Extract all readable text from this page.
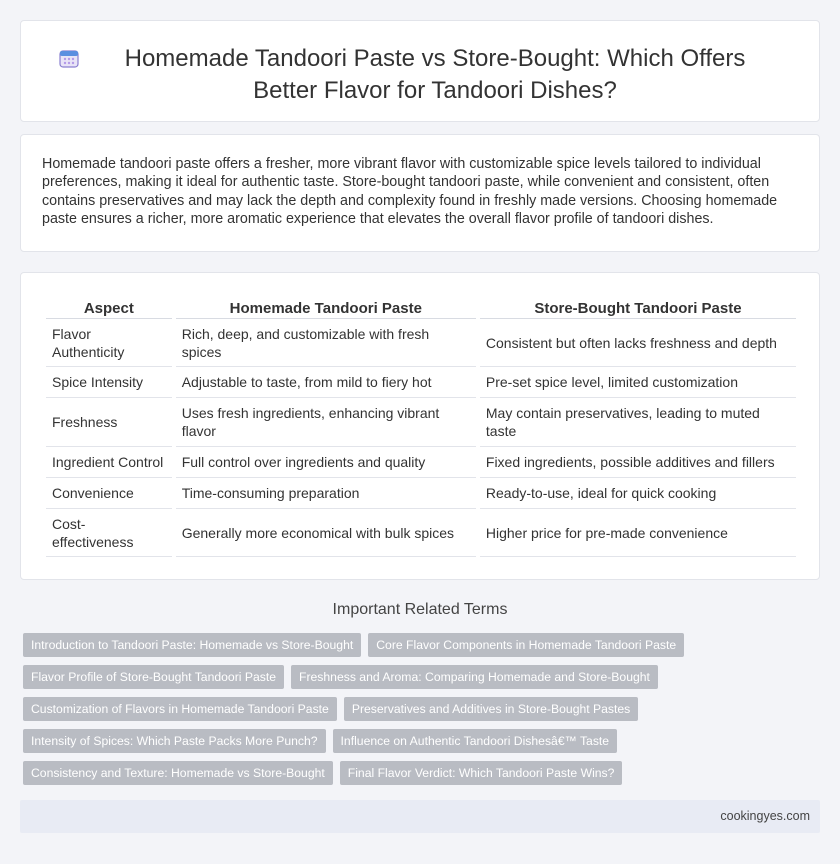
Homemade Tandoori Paste vs Store-Bought: Which Offers Better Flavor for Tandoori Dishes?

Homemade tandoori paste offers a fresher, more vibrant flavor with customizable spice levels tailored to individual preferences, making it ideal for authentic taste. Store-bought tandoori paste, while convenient and consistent, often contains preservatives and may lack the depth and complexity found in freshly made versions. Choosing homemade paste ensures a richer, more aromatic experience that elevates the overall flavor profile of tandoori dishes.

Aspect	Homemade Tandoori Paste	Store-Bought Tandoori Paste
Flavor Authenticity	Rich, deep, and customizable with fresh spices	Consistent but often lacks freshness and depth
Spice Intensity	Adjustable to taste, from mild to fiery hot	Pre-set spice level, limited customization
Freshness	Uses fresh ingredients, enhancing vibrant flavor	May contain preservatives, leading to muted taste
Ingredient Control	Full control over ingredients and quality	Fixed ingredients, possible additives and fillers
Convenience	Time-consuming preparation	Ready-to-use, ideal for quick cooking
Cost-effectiveness	Generally more economical with bulk spices	Higher price for pre-made convenience
Important Related Terms
Introduction to Tandoori Paste: Homemade vs Store-Bought	Core Flavor Components in Homemade Tandoori Paste
Flavor Profile of Store-Bought Tandoori Paste	Freshness and Aroma: Comparing Homemade and Store-Bought
Customization of Flavors in Homemade Tandoori Paste	Preservatives and Additives in Store-Bought Pastes
Intensity of Spices: Which Paste Packs More Punch?	Influence on Authentic Tandoori Dishesâ€™ Taste
Consistency and Texture: Homemade vs Store-Bought	Final Flavor Verdict: Which Tandoori Paste Wins?
cookingyes.com
